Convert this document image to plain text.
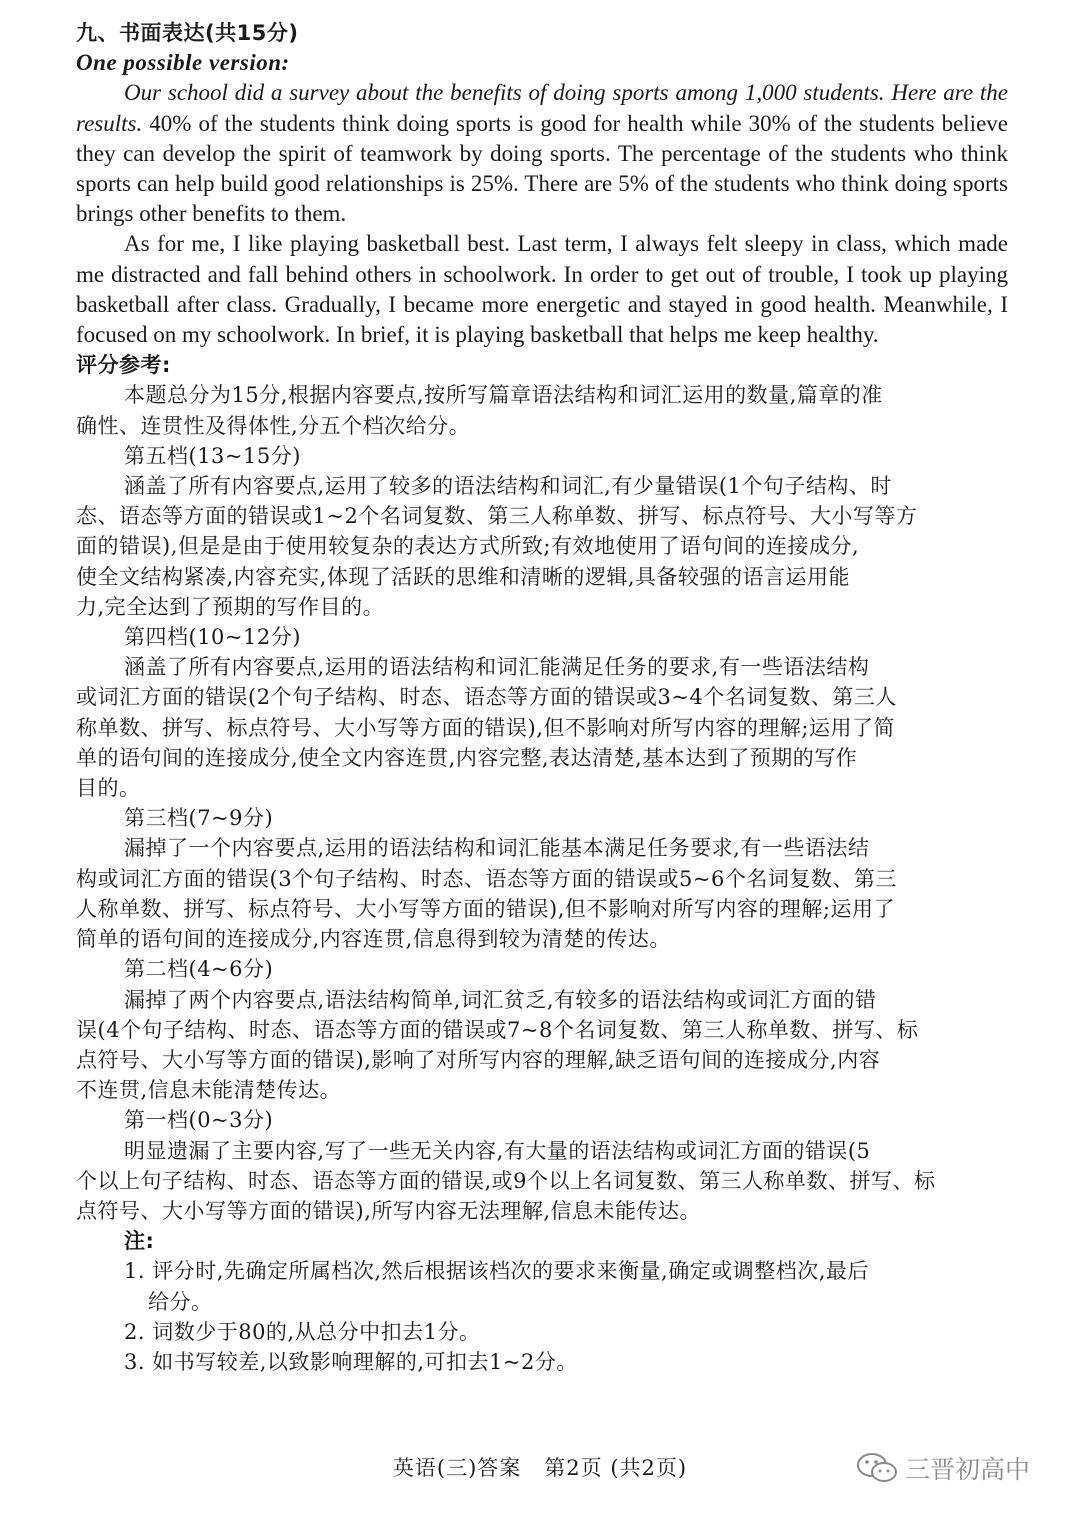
九、书面表达(共15分)
One possible version:
Our school did a survey about the benefits of doing sports among 1,000 students. Here are the results. 40% of the students think doing sports is good for health while 30% of the students believe they can develop the spirit of teamwork by doing sports. The percentage of the students who think sports can help build good relationships is 25%. There are 5% of the students who think doing sports brings other benefits to them.
As for me, I like playing basketball best. Last term, I always felt sleepy in class, which made me distracted and fall behind others in schoolwork. In order to get out of trouble, I took up playing basketball after class. Gradually, I became more energetic and stayed in good health. Meanwhile, I focused on my schoolwork. In brief, it is playing basketball that helps me keep healthy.
评分参考:
本题总分为15分,根据内容要点,按所写篇章语法结构和词汇运用的数量,篇章的准
确性、连贯性及得体性,分五个档次给分。
第五档(13~15分)
涵盖了所有内容要点,运用了较多的语法结构和词汇,有少量错误(1个句子结构、时
态、语态等方面的错误或1~2个名词复数、第三人称单数、拼写、标点符号、大小写等方
面的错误),但是是由于使用较复杂的表达方式所致;有效地使用了语句间的连接成分,
使全文结构紧凑,内容充实,体现了活跃的思维和清晰的逻辑,具备较强的语言运用能
力,完全达到了预期的写作目的。
第四档(10~12分)
涵盖了所有内容要点,运用的语法结构和词汇能满足任务的要求,有一些语法结构
或词汇方面的错误(2个句子结构、时态、语态等方面的错误或3~4个名词复数、第三人
称单数、拼写、标点符号、大小写等方面的错误),但不影响对所写内容的理解;运用了简
单的语句间的连接成分,使全文内容连贯,内容完整,表达清楚,基本达到了预期的写作
目的。
第三档(7~9分)
漏掉了一个内容要点,运用的语法结构和词汇能基本满足任务要求,有一些语法结
构或词汇方面的错误(3个句子结构、时态、语态等方面的错误或5~6个名词复数、第三
人称单数、拼写、标点符号、大小写等方面的错误),但不影响对所写内容的理解;运用了
简单的语句间的连接成分,内容连贯,信息得到较为清楚的传达。
第二档(4~6分)
漏掉了两个内容要点,语法结构简单,词汇贫乏,有较多的语法结构或词汇方面的错
误(4个句子结构、时态、语态等方面的错误或7~8个名词复数、第三人称单数、拼写、标
点符号、大小写等方面的错误),影响了对所写内容的理解,缺乏语句间的连接成分,内容
不连贯,信息未能清楚传达。
第一档(0~3分)
明显遗漏了主要内容,写了一些无关内容,有大量的语法结构或词汇方面的错误(5
个以上句子结构、时态、语态等方面的错误,或9个以上名词复数、第三人称单数、拼写、标
点符号、大小写等方面的错误),所写内容无法理解,信息未能传达。
注:
1. 评分时,先确定所属档次,然后根据该档次的要求来衡量,确定或调整档次,最后
给分。
2. 词数少于80的,从总分中扣去1分。
3. 如书写较差,以致影响理解的,可扣去1~2分。
英语(三)答案   第2页 (共2页)	三晋初高中
